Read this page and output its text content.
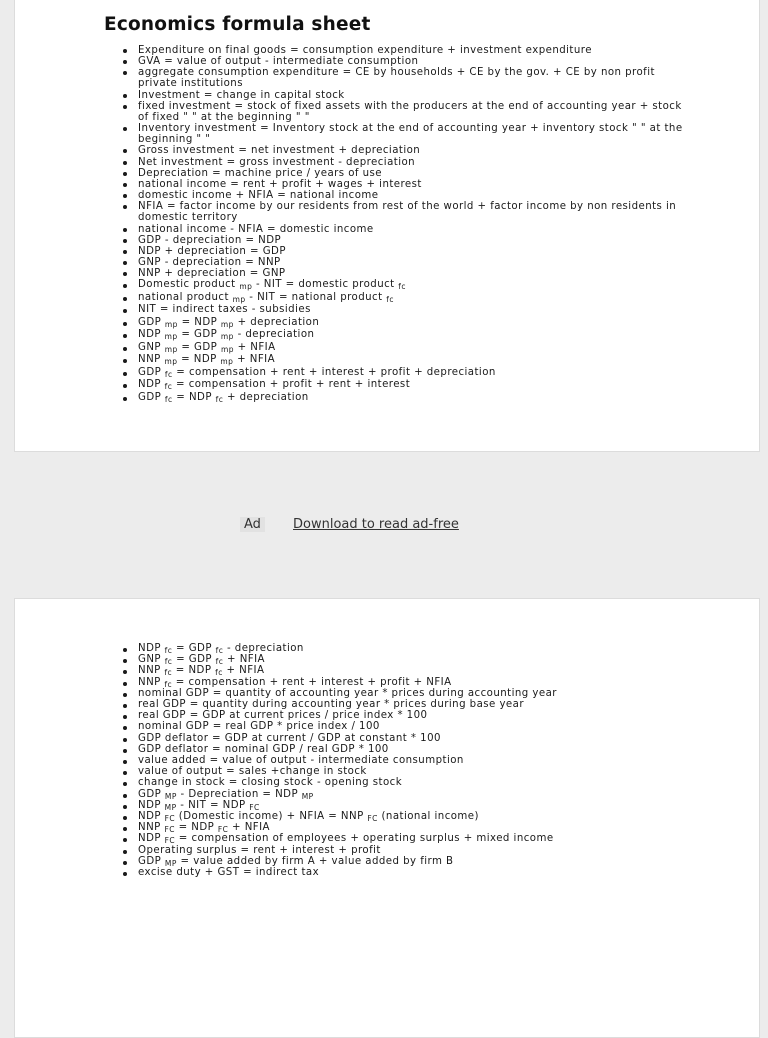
Economics formula sheet
Expenditure on final goods = consumption expenditure + investment expenditure
GVA = value of output - intermediate consumption
aggregate consumption expenditure = CE by households + CE by the gov. + CE by non profit private institutions
Investment = change in capital stock
fixed investment = stock of fixed assets with the producers at the end of accounting year + stock of fixed " " at the beginning " "
Inventory investment = Inventory stock at the end of accounting year + inventory stock " " at the beginning " "
Gross investment = net investment + depreciation
Net investment = gross investment - depreciation
Depreciation = machine price / years of use
national income = rent + profit + wages + interest
domestic income + NFIA = national income
NFIA = factor income by our residents from rest of the world + factor income by non residents in domestic territory
national income - NFIA = domestic income
GDP - depreciation = NDP
NDP + depreciation = GDP
GNP - depreciation = NNP
NNP + depreciation = GNP
Domestic product $_{mp}$ - NIT = domestic product $_{fc}$
national product $_{mp}$ - NIT = national product $_{fc}$
NIT = indirect taxes - subsidies
GDP $_{mp}$ = NDP $_{mp}$ + depreciation
NDP $_{mp}$ = GDP $_{mp}$ - depreciation
GNP $_{mp}$ = GDP $_{mp}$ + NFIA
NNP $_{mp}$ = NDP $_{mp}$ + NFIA
GDP $_{fc}$ = compensation + rent + interest + profit + depreciation
NDP $_{fc}$ = compensation + profit + rent + interest
GDP $_{fc}$ = NDP $_{fc}$ + depreciation
Ad	Download to read ad-free
NDP $_{fc}$ = GDP $_{fc}$ - depreciation
GNP $_{fc}$ = GDP $_{fc}$ + NFIA
NNP $_{fc}$ = NDP $_{fc}$ + NFIA
NNP $_{fc}$ = compensation + rent + interest + profit + NFIA
nominal GDP = quantity of accounting year * prices during accounting year
real GDP = quantity during accounting year * prices during base year
real GDP = GDP at current prices / price index * 100
nominal GDP = real GDP * price index / 100
GDP deflator = GDP at current / GDP at constant * 100
GDP deflator = nominal GDP / real GDP * 100
value added = value of output - intermediate consumption
value of output = sales +change in stock
change in stock = closing stock - opening stock
GDP $_{MP}$ - Depreciation = NDP $_{MP}$
NDP $_{MP}$ - NIT = NDP $_{FC}$
NDP $_{FC}$ (Domestic income) + NFIA = NNP $_{FC}$ (national income)
NNP $_{FC}$ = NDP $_{FC}$ + NFIA
NDP $_{FC}$ = compensation of employees + operating surplus + mixed income
Operating surplus = rent + interest + profit
GDP $_{MP}$ = value added by firm A + value added by firm B
excise duty + GST = indirect tax
